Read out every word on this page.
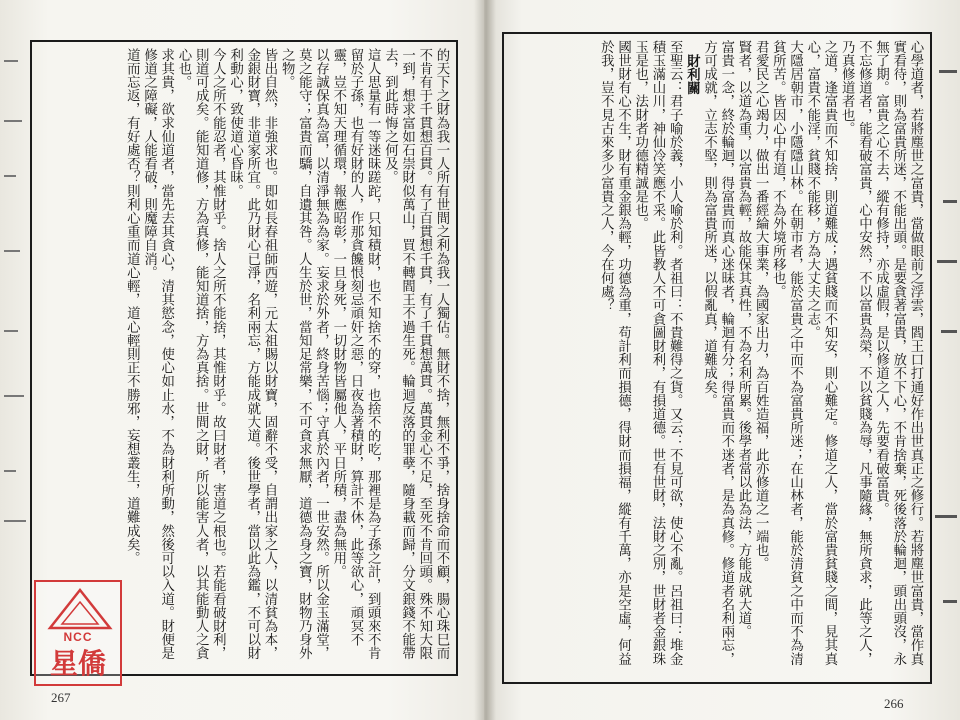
的天下之財為我一人所有世間之利為我一人獨佔。無財不捨，無利不爭，捨身捨命而不顧，腸心珠巳而不肯有于千貫想百貫。有了百貫想千貫，有了千貫想萬貫。萬貫金心不足，至死不肯回頭。殊不知大限一到，想求富如石崇財似萬山，買不轉閻王不過生死。輪迴反落的罪孽，隨身載而歸，分文銀錢不能帶去，到此時悔之何及。

這人思量有一等迷昧蹉跎，只知積財，也不知捨不的穿，也捨不的吃，那裡是為子孫之計，到頭來不肯留於子孫，也有好財的人，作那貪饞恨刻忌頑奸之惡，日夜為著積財，算計不休，此等欲心，頑冥不靈，豈不知天理循環，報應昭彰，一旦身死，一切財物皆屬他人，平日所積，盡為無用。

以存誠保真為富，以清淨無為為家。妄求於外者，終身苦惱；守真於內者，一世安然。所以金玉滿堂，莫之能守；富貴而驕，自遺其咎。人生於世，當知足常樂，不可貪求無厭，道德為身之寶，財物乃身外之物。

皆出自然，非強求也。即如長春祖師西遊，元太祖賜以財寶，固辭不受，自謂出家之人，以清貧為本，金銀財寶，非道家所宜。此乃財心已淨，名利兩忘，方能成就大道。後世學者，當以此為鑑，不可以財利動心，致使道心昏昧。

今人之所不能忍者，其惟財乎。捨人之所不能捨，其惟財乎。故曰財者，害道之根也。若能看破財利，則道可成矣。能知道修，方為真修，能知道捨，方為真捨。世間之財，所以能害人者，以其能動人之貪心也。

求其貴，欲求仙道者，當先去其貪心，清其慾念，使心如止水，不為財利所動，然後可以入道。財便是修道之障礙，人能看破，則魔障自消。

道而忘返，有好處否？則利心重而道心輕，道心輕則正不勝邪，妄想叢生，道難成矣。

267
NCC
星僑	心學道者，若將塵世之富貴，當做眼前之浮雲，閻王口打通好作出世真正之修行。若將塵世富貴，當作真實看待，則為富貴所迷，不能出頭。是要貪著富貴，放不下心，不肯捨棄，死後落於輪迴，頭出頭沒，永無了期。富貴之心不去，縱有修持，亦成虛假，是以修道之人，先要看破富貴。

不忘修道者，能看破富貴，心中安然，不以富貴為榮，不以貧賤為辱，凡事隨緣，無所貪求，此等之人，乃真修道者也。

之道，逢富貴而不知捨，則道難成；遇貧賤而不知安，則心難定。修道之人，當於富貴貧賤之間，見其真心，富貴不能淫，貧賤不能移，方為大丈夫之志。

大隱居朝市，小隱隱山林。在朝市者，能於富貴之中而不為富貴所迷；在山林者，能於清貧之中而不為清貧所苦。皆因心中有道，不為外境所移也。

君愛民之心竭力，做出一番經綸大事業，為國家出力，為百姓造福，此亦修道之一端也。

賢者，以道為重，以富貴為輕，故能保其真性，不為名利所累。後學者當以此為法，方能成就大道。

富貴一念，終於輪迴，得富貴而真心迷昧者，輪迴有分；得富貴而不迷者，是為真修。修道者名利兩忘，方可成就，立志不堅，則為富貴所迷，以假亂真，道難成矣。

財利關

至聖云：君子喻於義，小人喻於利。者祖曰：不貴難得之貨。又云：不見可欲，使心不亂。呂祖曰：堆金積玉滿山川，神仙冷笑應不采。此皆教人不可貪圖財利，有損道德。世有世財，法財之別，世財者金銀珠玉是也，法財者功德精誠是也。

國世財有心不生，財有重金銀為輕，功德為重，苟計利而損德，得財而損福，縱有千萬，亦是空虛，何益於我，豈不見古來多少富貴之人，今在何處？

266
